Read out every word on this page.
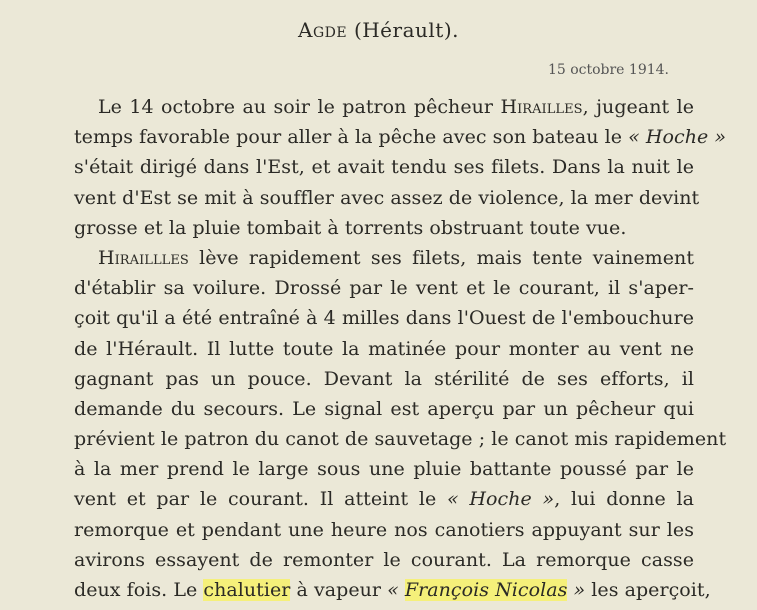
Agde (Hérault).
15 octobre 1914.
Le 14 octobre au soir le patron pêcheur Hirailles, jugeant le
temps favorable pour aller à la pêche avec son bateau le « Hoche »
s'était dirigé dans l'Est, et avait tendu ses filets. Dans la nuit le
vent d'Est se mit à souffler avec assez de violence, la mer devint
grosse et la pluie tombait à torrents obstruant toute vue.
Hiraillles lève rapidement ses filets, mais tente vainement
d'établir sa voilure. Drossé par le vent et le courant, il s'aper-
çoit qu'il a été entraîné à 4 milles dans l'Ouest de l'embouchure
de l'Hérault. Il lutte toute la matinée pour monter au vent ne
gagnant pas un pouce. Devant la stérilité de ses efforts, il
demande du secours. Le signal est aperçu par un pêcheur qui
prévient le patron du canot de sauvetage ; le canot mis rapidement
à la mer prend le large sous une pluie battante poussé par le
vent et par le courant. Il atteint le « Hoche », lui donne la
remorque et pendant une heure nos canotiers appuyant sur les
avirons essayent de remonter le courant. La remorque casse
deux fois. Le chalutier à vapeur « François Nicolas » les aperçoit,
